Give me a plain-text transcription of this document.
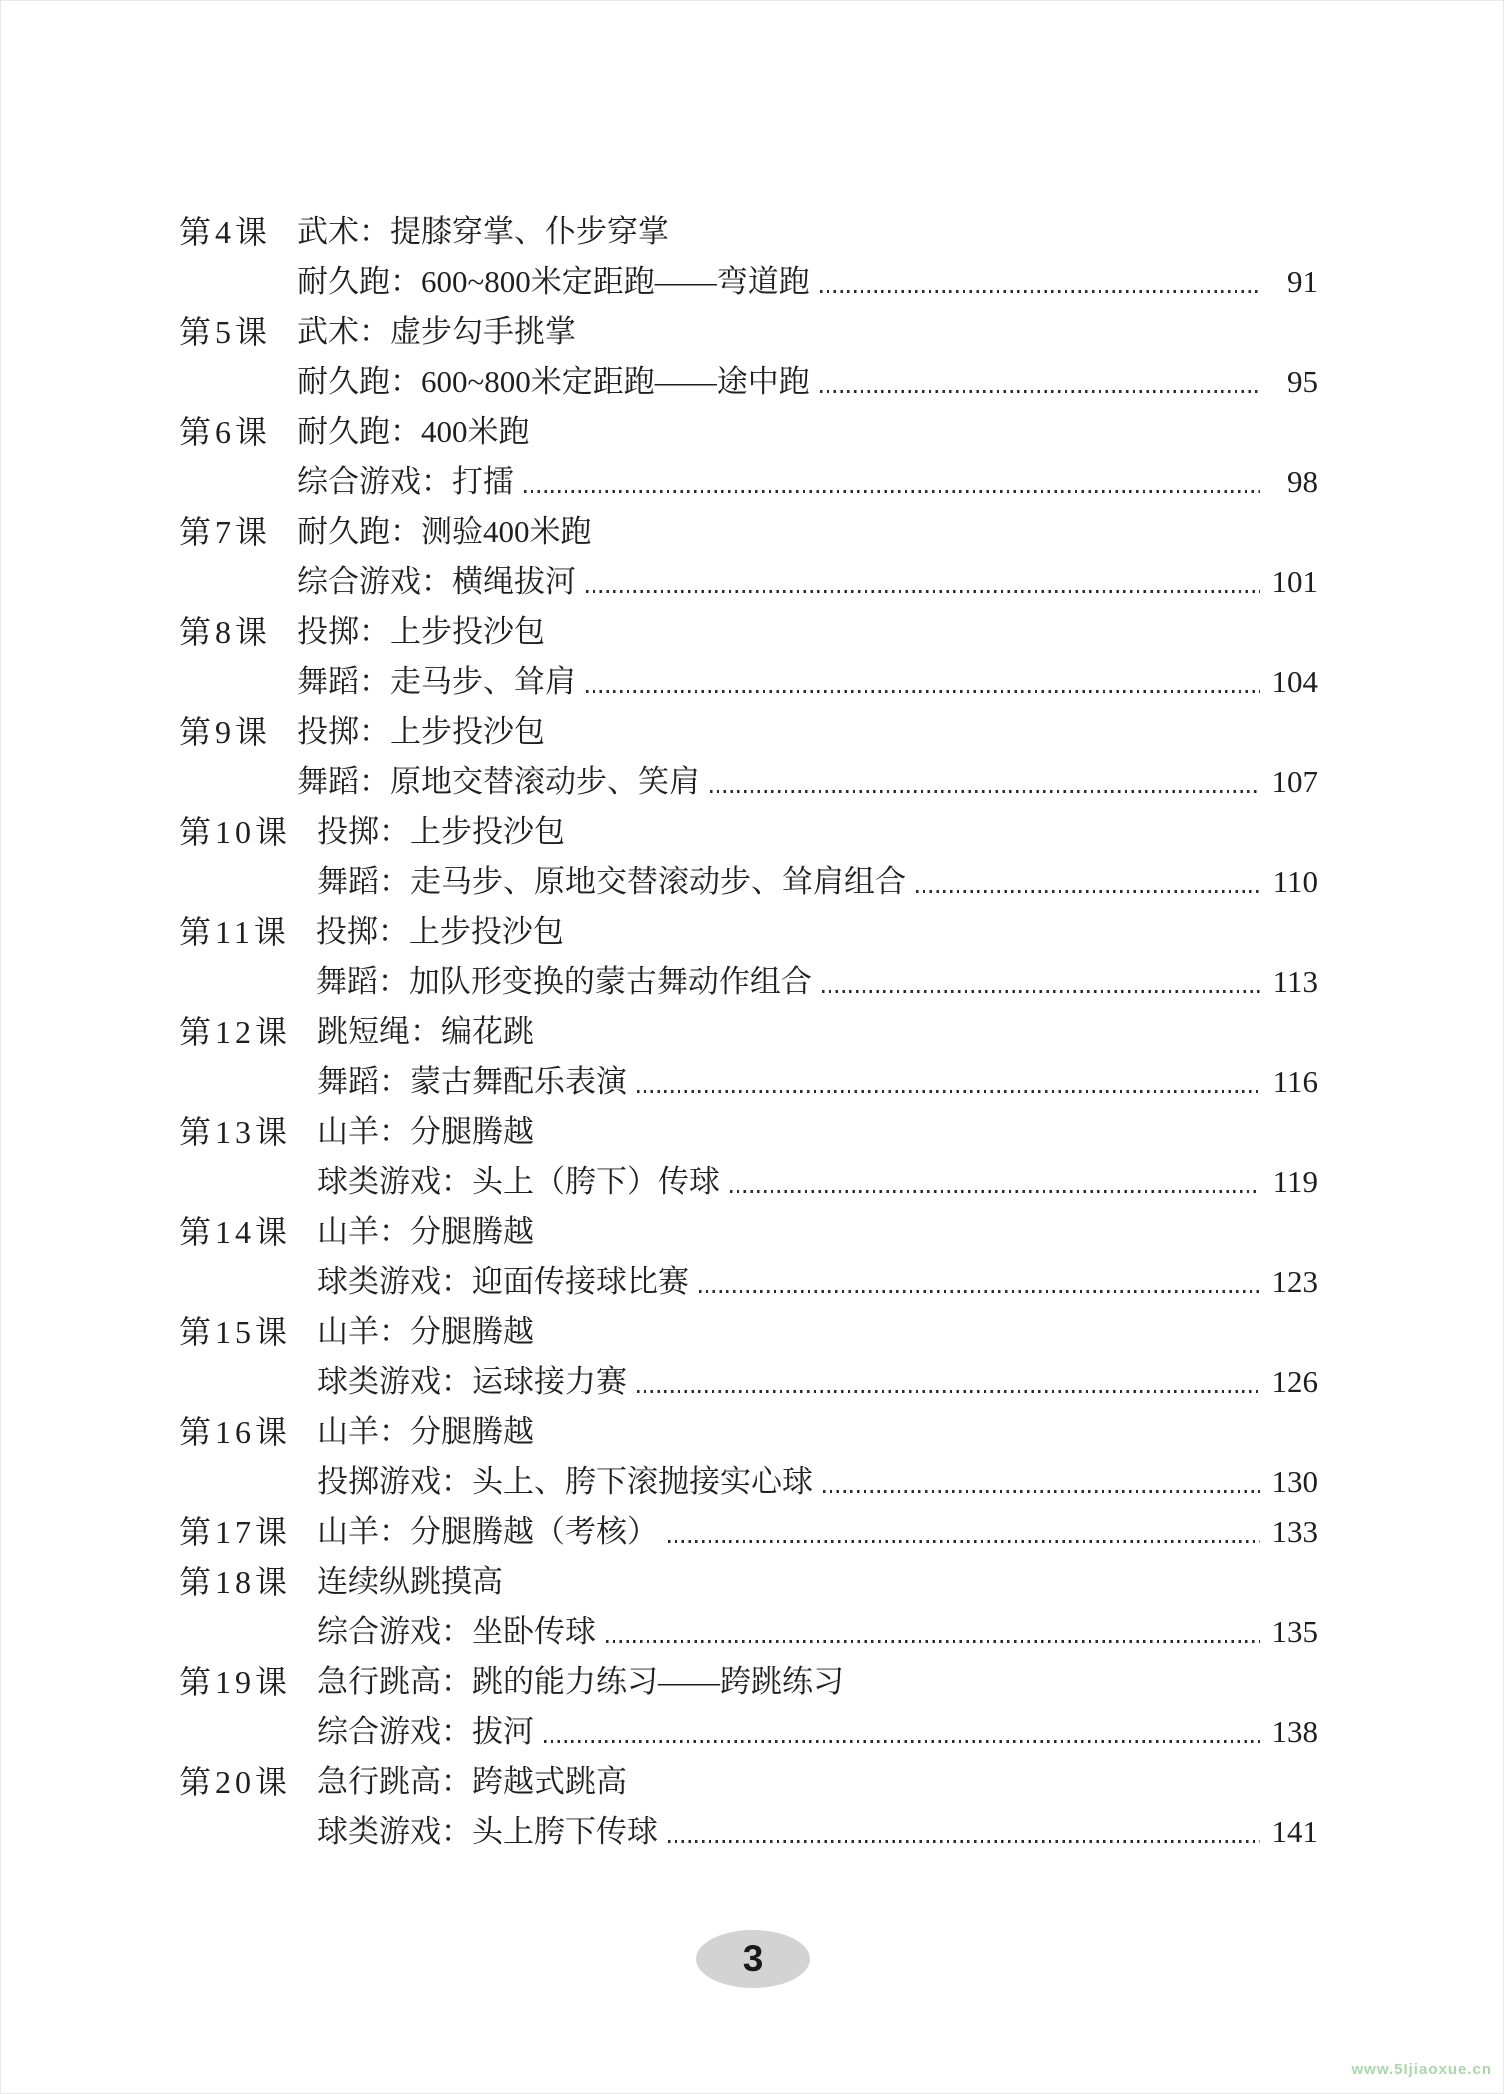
第4课 武术：提膝穿掌、仆步穿掌
耐久跑：600~800米定距跑——弯道跑	91
第5课 武术：虚步勾手挑掌
耐久跑：600~800米定距跑——途中跑	95
第6课 耐久跑：400米跑
综合游戏：打擂	98
第7课 耐久跑：测验400米跑
综合游戏：横绳拔河	101
第8课 投掷：上步投沙包
舞蹈：走马步、耸肩	104
第9课 投掷：上步投沙包
舞蹈：原地交替滚动步、笑肩	107
第10课 投掷：上步投沙包
舞蹈：走马步、原地交替滚动步、耸肩组合	110
第11课 投掷：上步投沙包
舞蹈：加队形变换的蒙古舞动作组合	113
第12课 跳短绳：编花跳
舞蹈：蒙古舞配乐表演	116
第13课 山羊：分腿腾越
球类游戏：头上（胯下）传球	119
第14课 山羊：分腿腾越
球类游戏：迎面传接球比赛	123
第15课 山羊：分腿腾越
球类游戏：运球接力赛	126
第16课 山羊：分腿腾越
投掷游戏：头上、胯下滚抛接实心球	130
第17课 山羊：分腿腾越（考核）	133
第18课 连续纵跳摸高
综合游戏：坐卧传球	135
第19课 急行跳高：跳的能力练习——跨跳练习
综合游戏：拔河	138
第20课 急行跳高：跨越式跳高
球类游戏：头上胯下传球	141
3
www.5Ijiaoxue.cn
